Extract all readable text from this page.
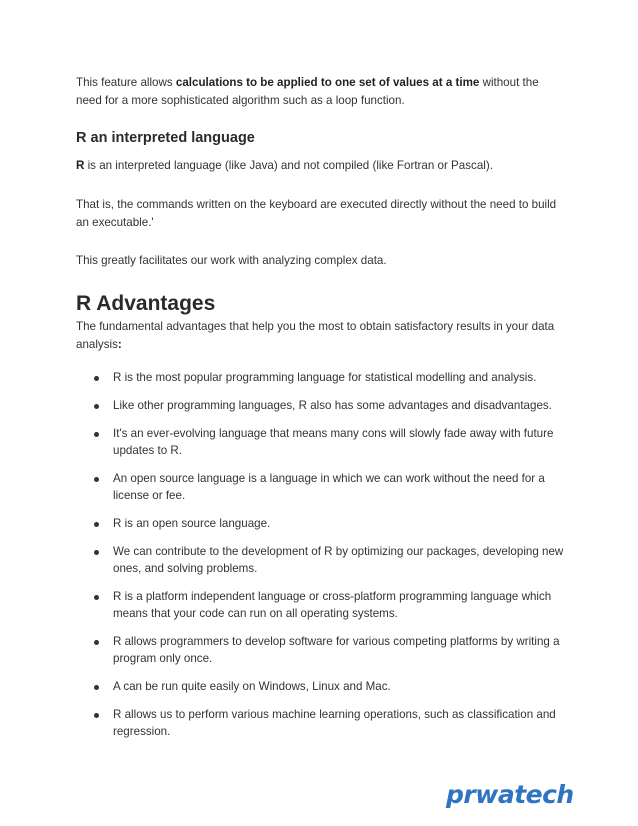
This feature allows calculations to be applied to one set of values at a time without the need for a more sophisticated algorithm such as a loop function.

R an interpreted language

R is an interpreted language (like Java) and not compiled (like Fortran or Pascal).

That is, the commands written on the keyboard are executed directly without the need to build an executable.'

This greatly facilitates our work with analyzing complex data.

R Advantages

The fundamental advantages that help you the most to obtain satisfactory results in your data analysis:

R is the most popular programming language for statistical modelling and analysis.
Like other programming languages, R also has some advantages and disadvantages.
It's an ever-evolving language that means many cons will slowly fade away with future updates to R.
An open source language is a language in which we can work without the need for a license or fee.
R is an open source language.
We can contribute to the development of R by optimizing our packages, developing new ones, and solving problems.
R is a platform independent language or cross-platform programming language which means that your code can run on all operating systems.
R allows programmers to develop software for various competing platforms by writing a program only once.
A can be run quite easily on Windows, Linux and Mac.
R allows us to perform various machine learning operations, such as classification and regression.
prwatech
